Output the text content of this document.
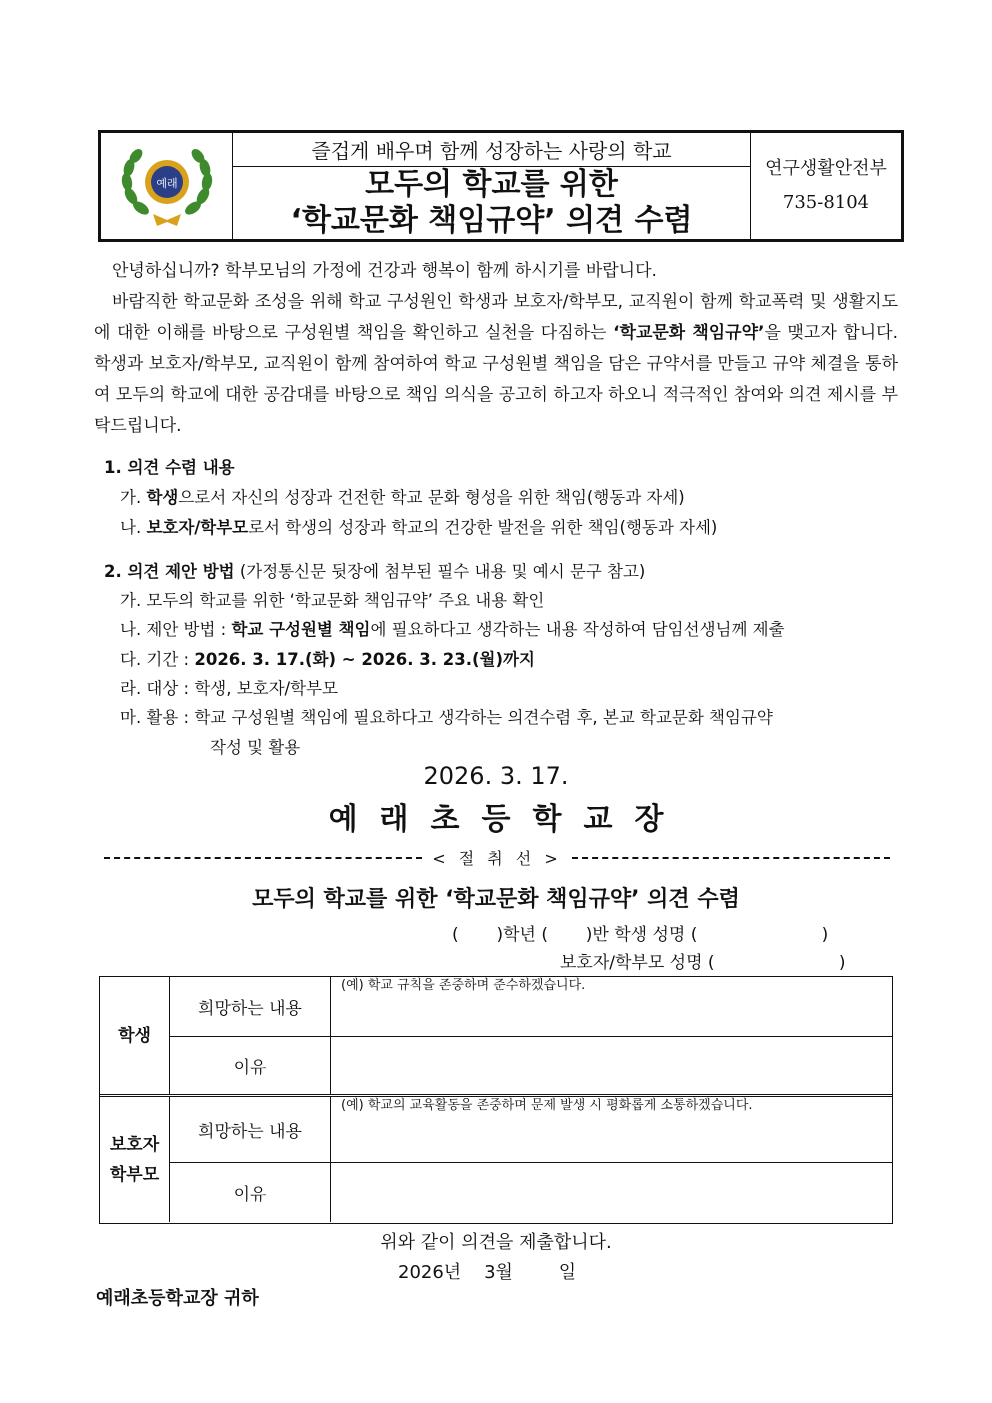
예래
즐겁게 배우며 함께 성장하는 사랑의 학교
모두의 학교를 위한
‘학교문화 책임규약’ 의견 수렴
연구생활안전부
735-8104

안녕하십니까? 학부모님의 가정에 건강과 행복이 함께 하시기를 바랍니다.

바람직한 학교문화 조성을 위해 학교 구성원인 학생과 보호자/학부모, 교직원이 함께 학교폭력 및 생활지도에 대한 이해를 바탕으로 구성원별 책임을 확인하고 실천을 다짐하는 ‘학교문화 책임규약’을 맺고자 합니다. 학생과 보호자/학부모, 교직원이 함께 참여하여 학교 구성원별 책임을 담은 규약서를 만들고 규약 체결을 통하여 모두의 학교에 대한 공감대를 바탕으로 책임 의식을 공고히 하고자 하오니 적극적인 참여와 의견 제시를 부탁드립니다.

1. 의견 수렴 내용
가. 학생으로서 자신의 성장과 건전한 학교 문화 형성을 위한 책임(행동과 자세)
나. 보호자/학부모로서 학생의 성장과 학교의 건강한 발전을 위한 책임(행동과 자세)
2. 의견 제안 방법 (가정통신문 뒷장에 첨부된 필수 내용 및 예시 문구 참고)
가. 모두의 학교를 위한 ‘학교문화 책임규약’ 주요 내용 확인
나. 제안 방법 : 학교 구성원별 책임에 필요하다고 생각하는 내용 작성하여 담임선생님께 제출
다. 기간 : 2026. 3. 17.(화) ~ 2026. 3. 23.(월)까지
라. 대상 : 학생, 보호자/학부모
마. 활용 : 학교 구성원별 책임에 필요하다고 생각하는 의견수렴 후, 본교 학교문화 책임규약
작성 및 활용
2026. 3. 17.
예래초등학교장
< 절 취 선 >
모두의 학교를 위한 ‘학교문화 책임규약’ 의견 수렴
(       )학년 (       )반 학생 성명 (                       )
보호자/학부모 성명 (                       )
학생
희망하는 내용
(예) 학교 규칙을 존중하며 준수하겠습니다.
이유
보호자
학부모
희망하는 내용
(예) 학교의 교육활동을 존중하며 문제 발생 시 평화롭게 소통하겠습니다.
이유
위와 같이 의견을 제출합니다.
2026년    3월        일
예래초등학교장 귀하
